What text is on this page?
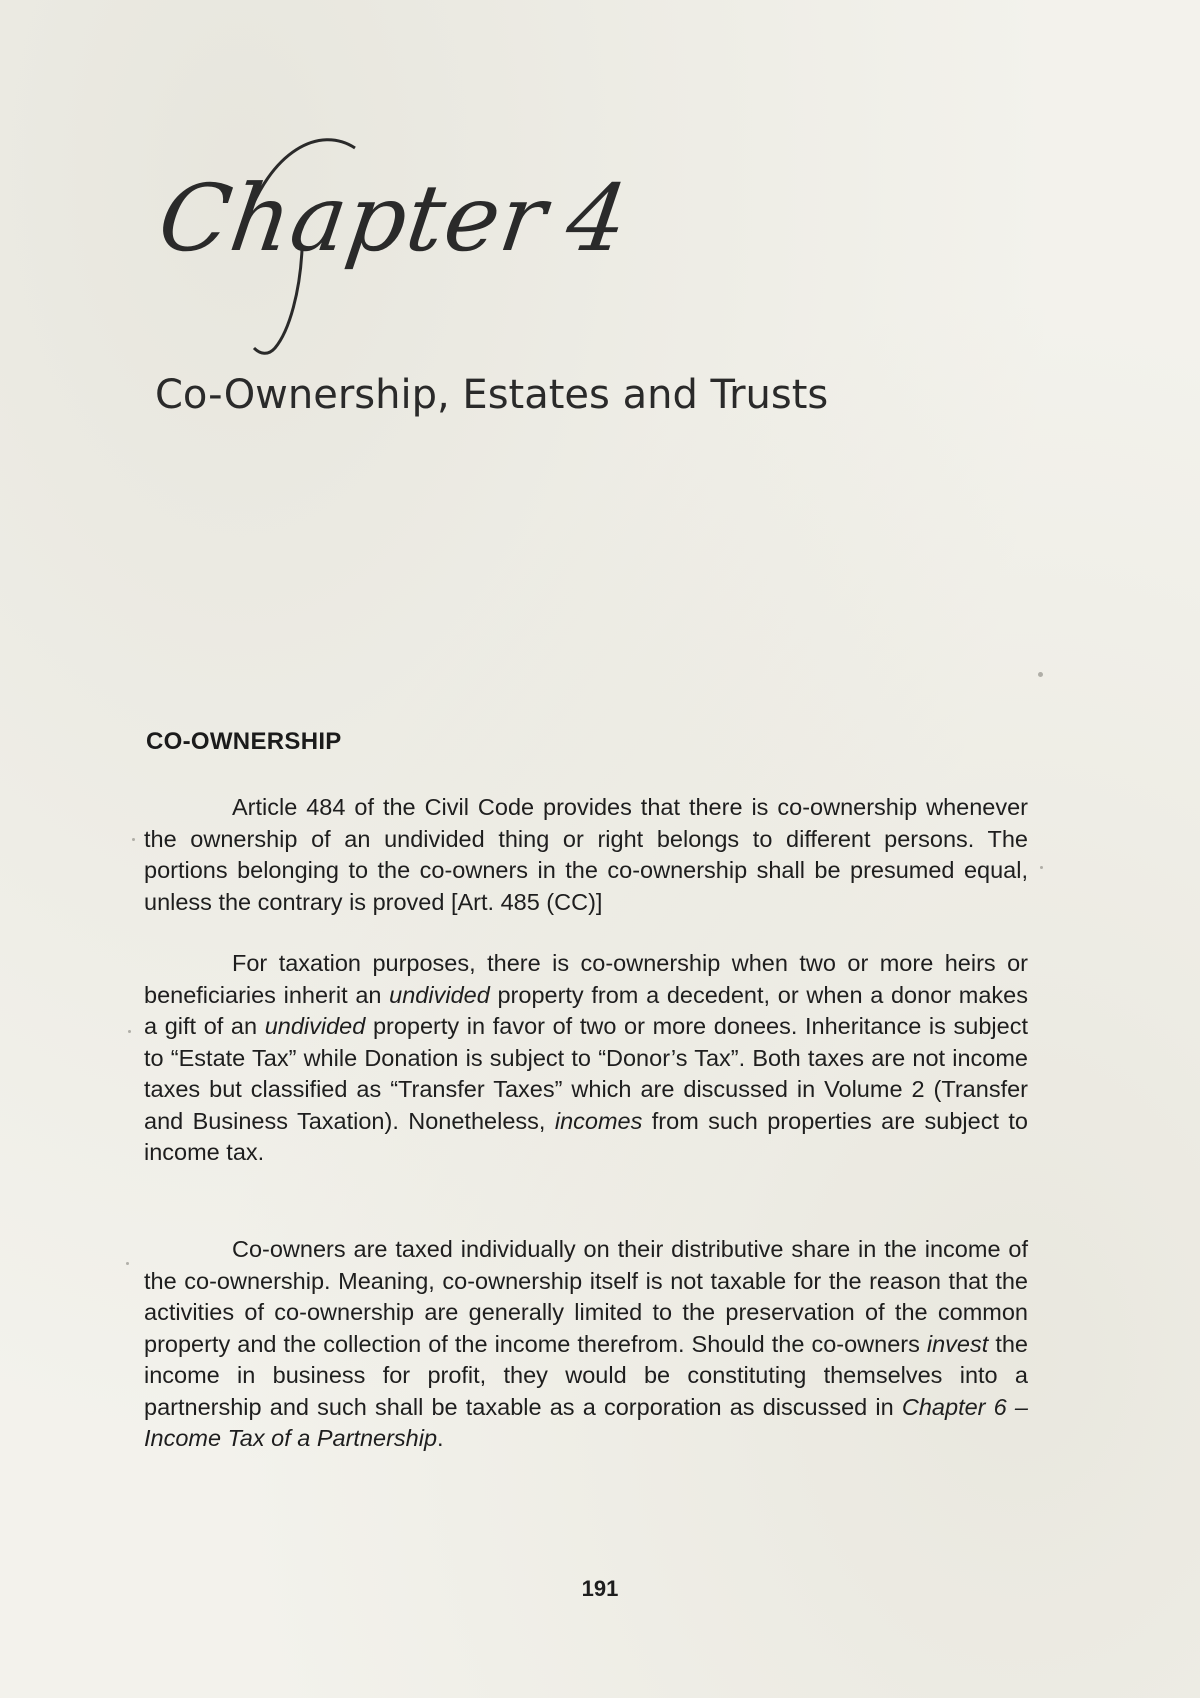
Chapter4
Co-Ownership, Estates and Trusts
CO-OWNERSHIP

Article 484 of the Civil Code provides that there is co-ownership whenever the ownership of an undivided thing or right belongs to different persons. The portions belonging to the co-owners in the co-ownership shall be presumed equal, unless the contrary is proved [Art. 485 (CC)]

For taxation purposes, there is co-ownership when two or more heirs or beneficiaries inherit an undivided property from a decedent, or when a donor makes a gift of an undivided property in favor of two or more donees. Inheritance is subject to “Estate Tax” while Donation is subject to “Donor’s Tax”. Both taxes are not income taxes but classified as “Transfer Taxes” which are discussed in Volume 2 (Transfer and Business Taxation). Nonetheless, incomes from such properties are subject to income tax.

Co-owners are taxed individually on their distributive share in the income of the co-ownership. Meaning, co-ownership itself is not taxable for the reason that the activities of co-ownership are generally limited to the preservation of the common property and the collection of the income therefrom. Should the co-owners invest the income in business for profit, they would be constituting themselves into a partnership and such shall be taxable as a corporation as discussed in Chapter 6 – Income Tax of a Partnership.

191
